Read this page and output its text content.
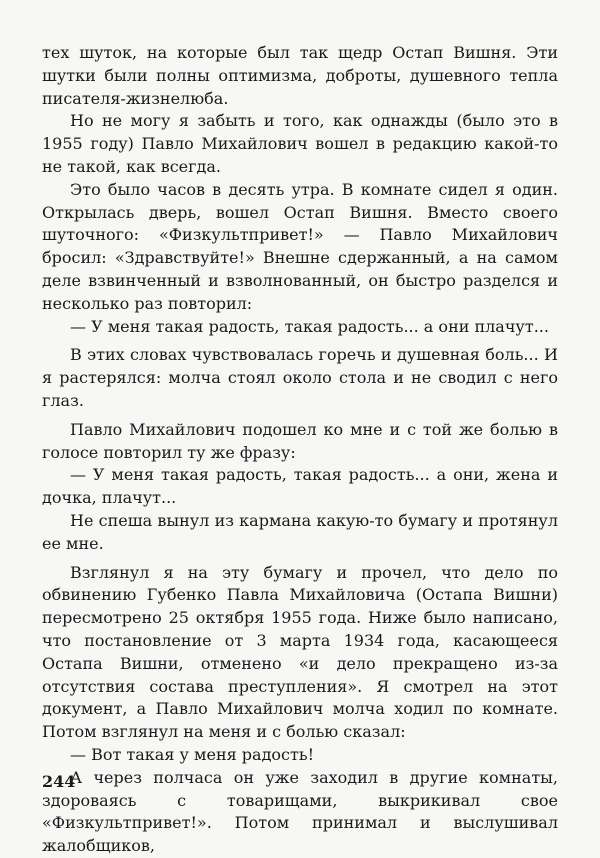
тех шуток, на которые был так щедр Остап Вишня. Эти шутки были полны оптимизма, доброты, душевного тепла писателя-жизнелюба.

Но не могу я забыть и того, как однажды (было это в 1955 году) Павло Михайлович вошел в редакцию какой-то не такой, как всегда.

Это было часов в десять утра. В комнате сидел я один. Открылась дверь, вошел Остап Вишня. Вместо своего шуточного: «Физкультпривет!» — Павло Михайлович бросил: «Здравствуйте!» Внешне сдержанный, а на самом деле взвинченный и взволнованный, он быстро разделся и несколько раз повторил:

— У меня такая радость, такая радость... а они плачут...

В этих словах чувствовалась горечь и душевная боль... И я растерялся: молча стоял около стола и не сводил с него глаз.

Павло Михайлович подошел ко мне и с той же болью в голосе повторил ту же фразу:

— У меня такая радость, такая радость... а они, жена и дочка, плачут...

Не спеша вынул из кармана какую-то бумагу и протянул ее мне.

Взглянул я на эту бумагу и прочел, что дело по обвинению Губенко Павла Михайловича (Остапа Вишни) пересмотрено 25 октября 1955 года. Ниже было написано, что постановление от 3 марта 1934 года, касающееся Остапа Вишни, отменено «и дело прекращено из-за отсутствия состава преступления». Я смотрел на этот документ, а Павло Михайлович молча ходил по комнате. Потом взглянул на меня и с болью сказал:

— Вот такая у меня радость!

А через полчаса он уже заходил в другие комнаты, здороваясь с товарищами, выкрикивал свое «Физкультпривет!». Потом принимал и выслушивал жалобщиков,

244
